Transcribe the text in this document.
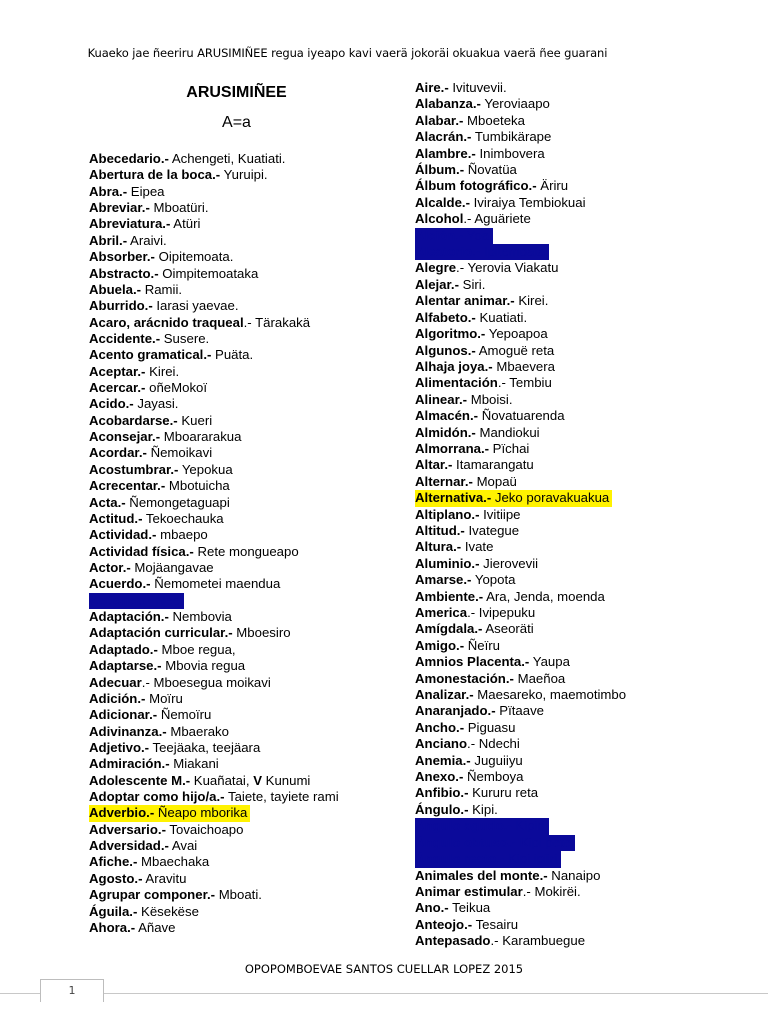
Kuaeko jae ñeeriru ARUSIMIÑEE regua iyeapo kavi vaerä jokoräi okuakua vaerä ñee guarani
ARUSIMIÑEE
A=a
Abecedario.- Achengeti, Kuatiati.
Abertura de la boca.- Yuruipi.
Abra.- Eipea
Abreviar.- Mboatüri.
Abreviatura.- Atüri
Abril.- Araivi.
Absorber.- Oipitemoata.
Abstracto.- Oimpitemoataka
Abuela.- Ramii.
Aburrido.- Iarasi yaevae.
Acaro, arácnido traqueal.- Tärakakä
Accidente.- Susere.
Acento gramatical.- Puäta.
Aceptar.- Kirei.
Acercar.- oñeMokoï
Acido.- Jayasi.
Acobardarse.- Kueri
Aconsejar.- Mboararakua
Acordar.- Ñemoikavi
Acostumbrar.- Yepokua
Acrecentar.- Mbotuicha
Acta.- Ñemongetaguapi
Actitud.- Tekoechauka
Actividad.- mbaepo
Actividad física.- Rete mongueapo
Actor.- Mojäangavae
Acuerdo.- Ñemometei maendua
Acústica.- Ñee
Adaptación.- Nembovia
Adaptación curricular.- Mboesiro
Adaptado.- Mboe regua,
Adaptarse.- Mbovia regua
Adecuar.- Mboesegua moikavi
Adición.- Moïru
Adicionar.- Ñemoïru
Adivinanza.- Mbaerako
Adjetivo.- Teejäaka, teejäara
Admiración.- Miakani
Adolescente M.- Kuañatai, V Kunumi
Adoptar como hijo/a.- Taiete, tayiete rami
Adverbio.- Ñeapo mborika
Adversario.- Tovaichoapo
Adversidad.- Avai
Afiche.- Mbaechaka
Agosto.- Aravitu
Agrupar componer.- Mboati.
Águila.- Kësekëse
Ahora.- Añave
Aire.- Ivituvevii.
Alabanza.- Yeroviaapo
Alabar.- Mboeteka
Alacrán.- Tumbikärape
Alambre.- Inimbovera
Álbum.- Ñovatüa
Álbum fotográfico.- Äriru
Alcalde.- Iviraiya Tembiokuai
Alcohol.- Aguäriete
Alción.- Yoa
Aleatorio.- Ipitemoata
Alegre.- Yerovia Viakatu
Alejar.- Siri.
Alentar animar.- Kirei.
Alfabeto.- Kuatiati.
Algoritmo.- Yepoapoa
Algunos.- Amoguë reta
Alhaja joya.- Mbaevera
Alimentación.- Tembiu
Alinear.- Mboisi.
Almacén.- Ñovatuarenda
Almidón.- Mandiokui
Almorrana.- Pïchai
Altar.- Itamarangatu
Alternar.- Mopaü
Alternativa.- Jeko poravakuakua
Altiplano.- Ivitiipe
Altitud.- Ivategue
Altura.- Ivate
Aluminio.- Jierovevii
Amarse.- Yopota
Ambiente.- Ara, Jenda, moenda
America.- Ivipepuku
Amígdala.- Aseoräti
Amigo.- Ñeïru
Amnios Placenta.- Yaupa
Amonestación.- Maeñoa
Analizar.- Maesareko, maemotimbo
Anaranjado.- Pïtaave
Ancho.- Piguasu
Anciano.- Ndechi
Anemia.- Juguiiyu
Anexo.- Ñemboya
Anfibio.- Kururu reta
Ángulo.- Kipi.
Ángulo agudo.- Kipiri
Ángulo obtuso.- Kipi pete
Ángulo recto.- Kipi ipiiri
Animales del monte.- Nanaipo
Animar estimular.- Mokirëi.
Ano.- Teikua
Anteojo.- Tesairu
Antepasado.- Karambuegue
OPOPOMBOEVAE SANTOS CUELLAR LOPEZ 2015
1
